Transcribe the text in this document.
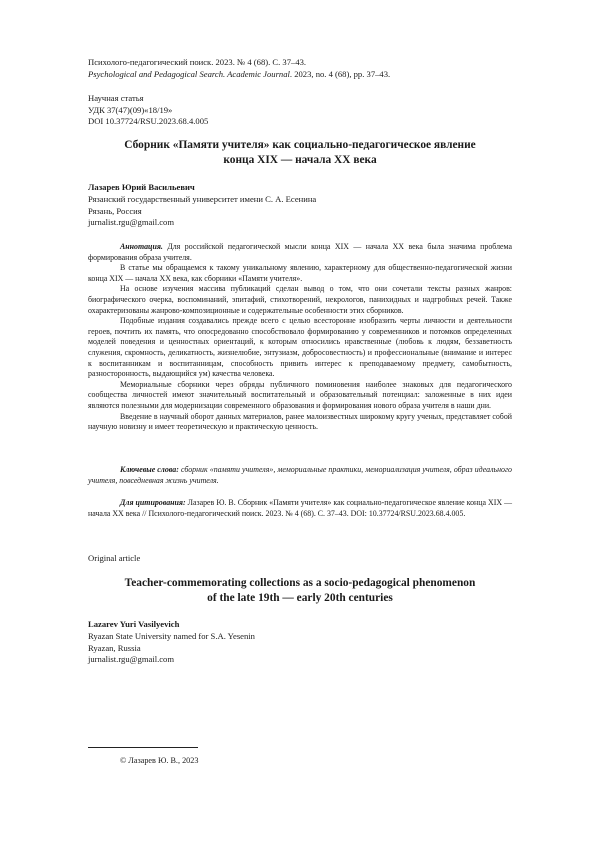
Психолого-педагогический поиск. 2023. № 4 (68). С. 37–43.
Psychological and Pedagogical Search. Academic Journal. 2023, no. 4 (68), pp. 37–43.
Научная статья
УДК 37(47)(09)«18/19»
DOI 10.37724/RSU.2023.68.4.005
Сборник «Памяти учителя» как социально-педагогическое явление
конца XIX — начала XX века
Лазарев Юрий Васильевич
Рязанский государственный университет имени С. А. Есенина
Рязань, Россия
jurnalist.rgu@gmail.com

Аннотация. Для российской педагогической мысли конца XIX — начала XX века была значима проблема формирования образа учителя.

В статье мы обращаемся к такому уникальному явлению, характерному для общественно-педагогической жизни конца XIX — начала XX века, как сборники «Памяти учителя».

На основе изучения массива публикаций сделан вывод о том, что они сочетали тексты разных жанров: биографического очерка, воспоминаний, эпитафий, стихотворений, некрологов, панихидных и надгробных речей. Также охарактеризованы жанрово-композиционные и содержательные особенности этих сборников.

Подобные издания создавались прежде всего с целью всесторонне изобразить черты личности и деятельности героев, почтить их память, что опосредованно способствовало формированию у современников и потомков определенных моделей поведения и ценностных ориентаций, к которым относились нравственные (любовь к людям, беззаветность служения, скромность, деликатность, жизнелюбие, энтузиазм, добросовестность) и профессиональные (внимание и интерес к воспитанникам и воспитанницам, способность привить интерес к преподаваемому предмету, самобытность, разносторонность, выдающийся ум) качества человека.

Мемориальные сборники через обряды публичного поминовения наиболее знаковых для педагогического сообщества личностей имеют значительный воспитательный и образовательный потенциал: заложенные в них идеи являются полезными для модернизации современного образования и формирования нового образа учителя в наши дни.

Введение в научный оборот данных материалов, ранее малоизвестных широкому кругу ученых, представляет собой научную новизну и имеет теоретическую и практическую ценность.

Ключевые слова: сборник «памяти учителя», мемориальные практики, мемориализация учителя, образ идеального учителя, повседневная жизнь учителя.
Для цитирования: Лазарев Ю. В. Сборник «Памяти учителя» как социально-педагогическое явление конца XIX — начала XX века // Психолого-педагогический поиск. 2023. № 4 (68). С. 37–43. DOI: 10.37724/RSU.2023.68.4.005.
Original article
Teacher-commemorating collections as a socio-pedagogical phenomenon
of the late 19th — early 20th centuries
Lazarev Yuri Vasilyevich
Ryazan State University named for S.A. Yesenin
Ryazan, Russia
jurnalist.rgu@gmail.com
© Лазарев Ю. В., 2023
